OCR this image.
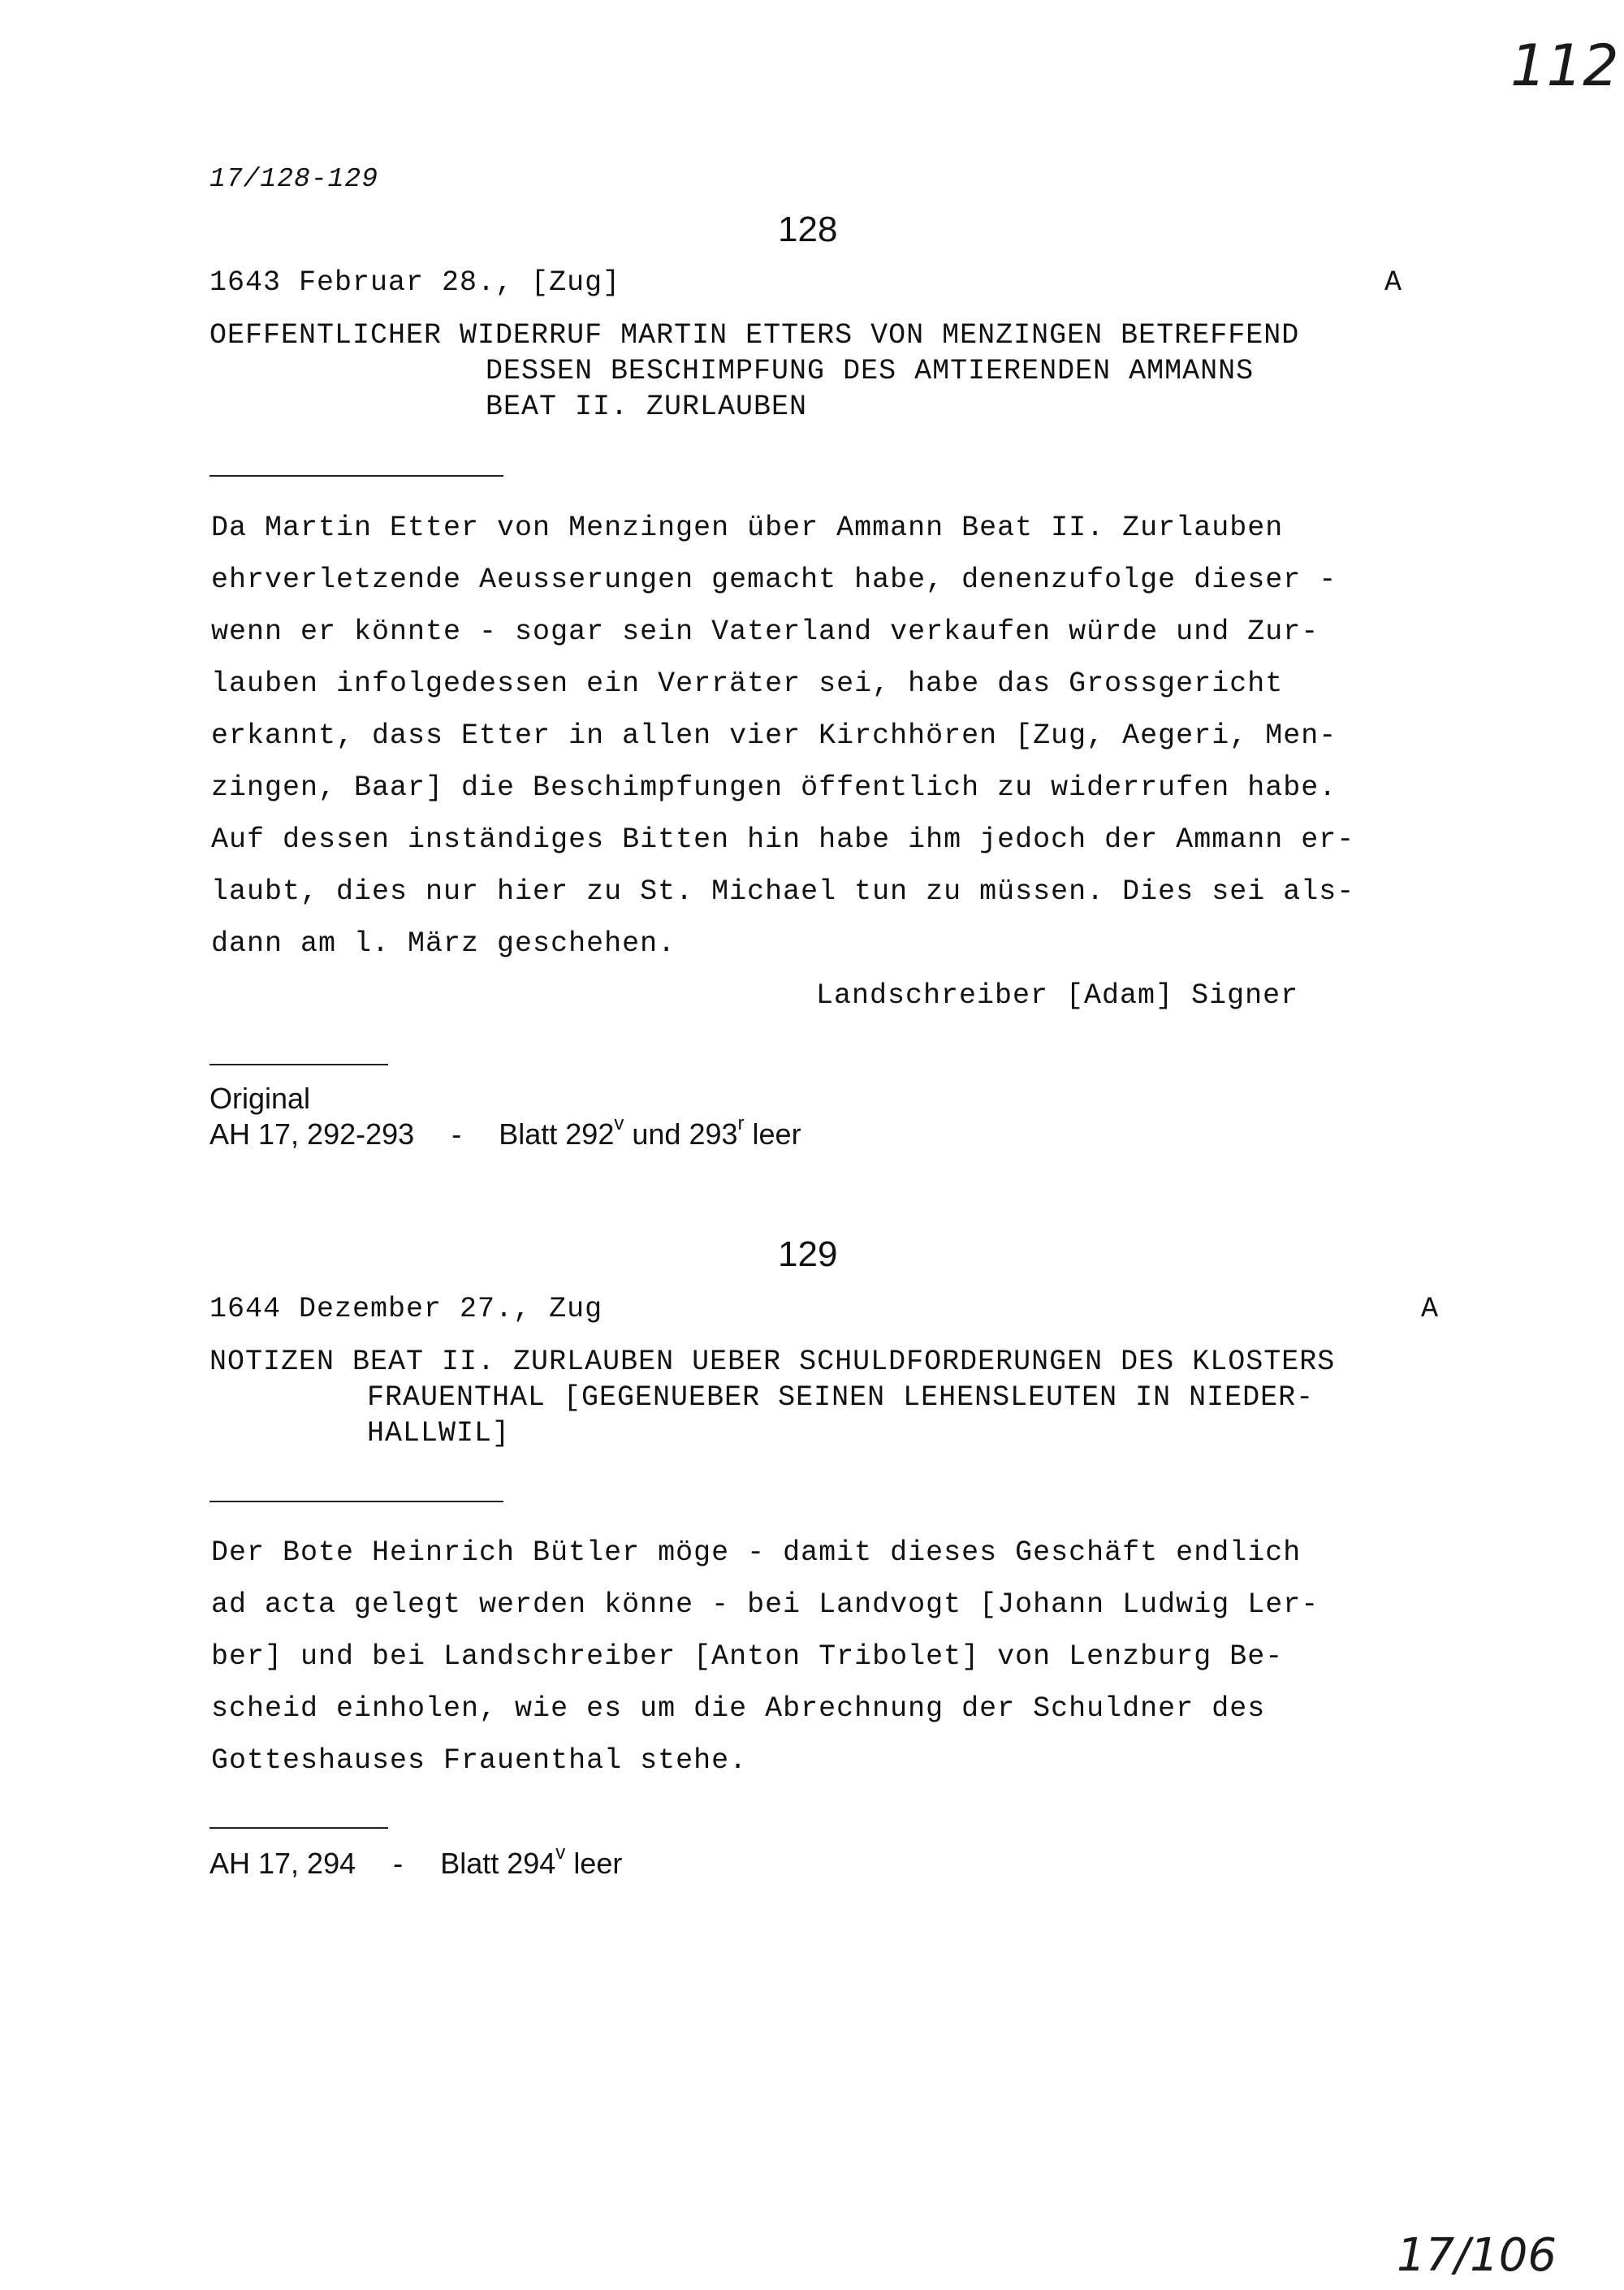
112
17/128-129
128
1643 Februar 28., [Zug]	A
OEFFENTLICHER WIDERRUF MARTIN ETTERS VON MENZINGEN BETREFFEND
DESSEN BESCHIMPFUNG DES AMTIERENDEN AMMANNS
BEAT II. ZURLAUBEN
Da Martin Etter von Menzingen über Ammann Beat II. Zurlauben
ehrverletzende Aeusserungen gemacht habe, denenzufolge dieser -
wenn er könnte - sogar sein Vaterland verkaufen würde und Zur-
lauben infolgedessen ein Verräter sei, habe das Grossgericht
erkannt, dass Etter in allen vier Kirchhören [Zug, Aegeri, Men-
zingen, Baar] die Beschimpfungen öffentlich zu widerrufen habe.
Auf dessen inständiges Bitten hin habe ihm jedoch der Ammann er-
laubt, dies nur hier zu St. Michael tun zu müssen. Dies sei als-
dann am l. März geschehen.
Landschreiber [Adam] Signer
Original
AH 17, 292-293 - Blatt 292$^v$ und 293$^r$ leer
129
1644 Dezember 27., Zug	A
NOTIZEN BEAT II. ZURLAUBEN UEBER SCHULDFORDERUNGEN DES KLOSTERS
FRAUENTHAL [GEGENUEBER SEINEN LEHENSLEUTEN IN NIEDER-
HALLWIL]
Der Bote Heinrich Bütler möge - damit dieses Geschäft endlich
ad acta gelegt werden könne - bei Landvogt [Johann Ludwig Ler-
ber] und bei Landschreiber [Anton Tribolet] von Lenzburg Be-
scheid einholen, wie es um die Abrechnung der Schuldner des
Gotteshauses Frauenthal stehe.
AH 17, 294 - Blatt 294$^v$ leer
17/106
